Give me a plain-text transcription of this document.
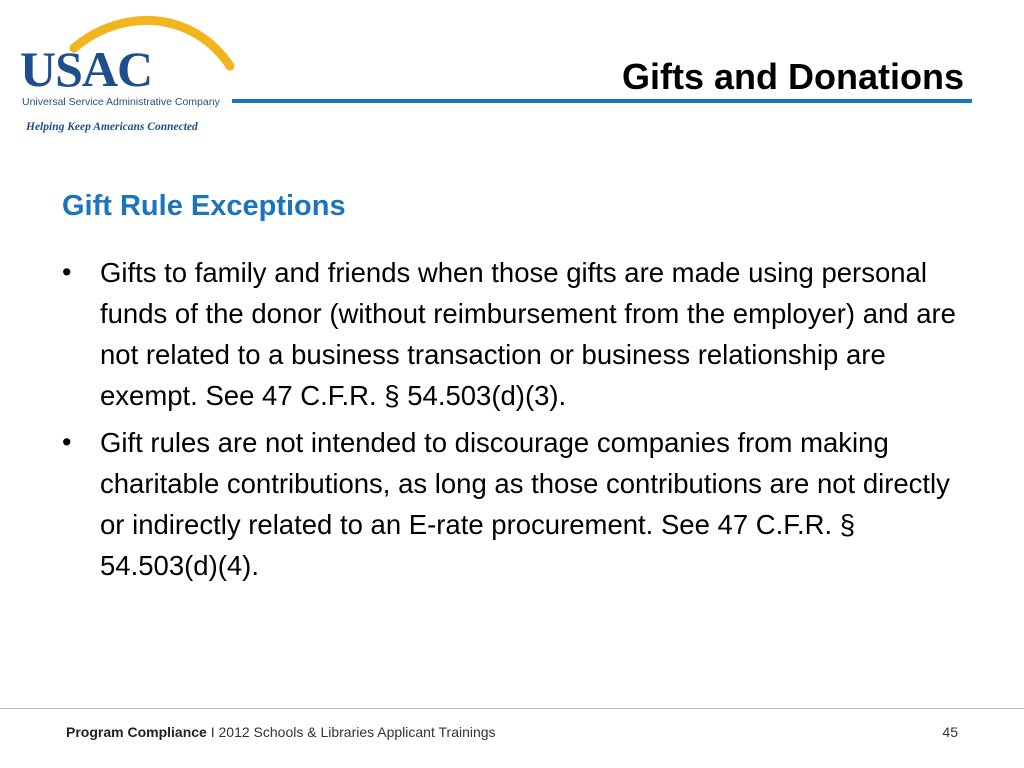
USAC
Universal Service Administrative Company
Helping Keep Americans Connected
Gifts and Donations
Gift Rule Exceptions
• Gifts to family and friends when those gifts are made using personal funds of the donor (without reimbursement from the employer) and are not related to a business transaction or business relationship are exempt. See 47 C.F.R. § 54.503(d)(3).
• Gift rules are not intended to discourage companies from making charitable contributions, as long as those contributions are not directly or indirectly related to an E-rate procurement. See 47 C.F.R. § 54.503(d)(4).
Program Compliance I 2012 Schools & Libraries Applicant Trainings	45
